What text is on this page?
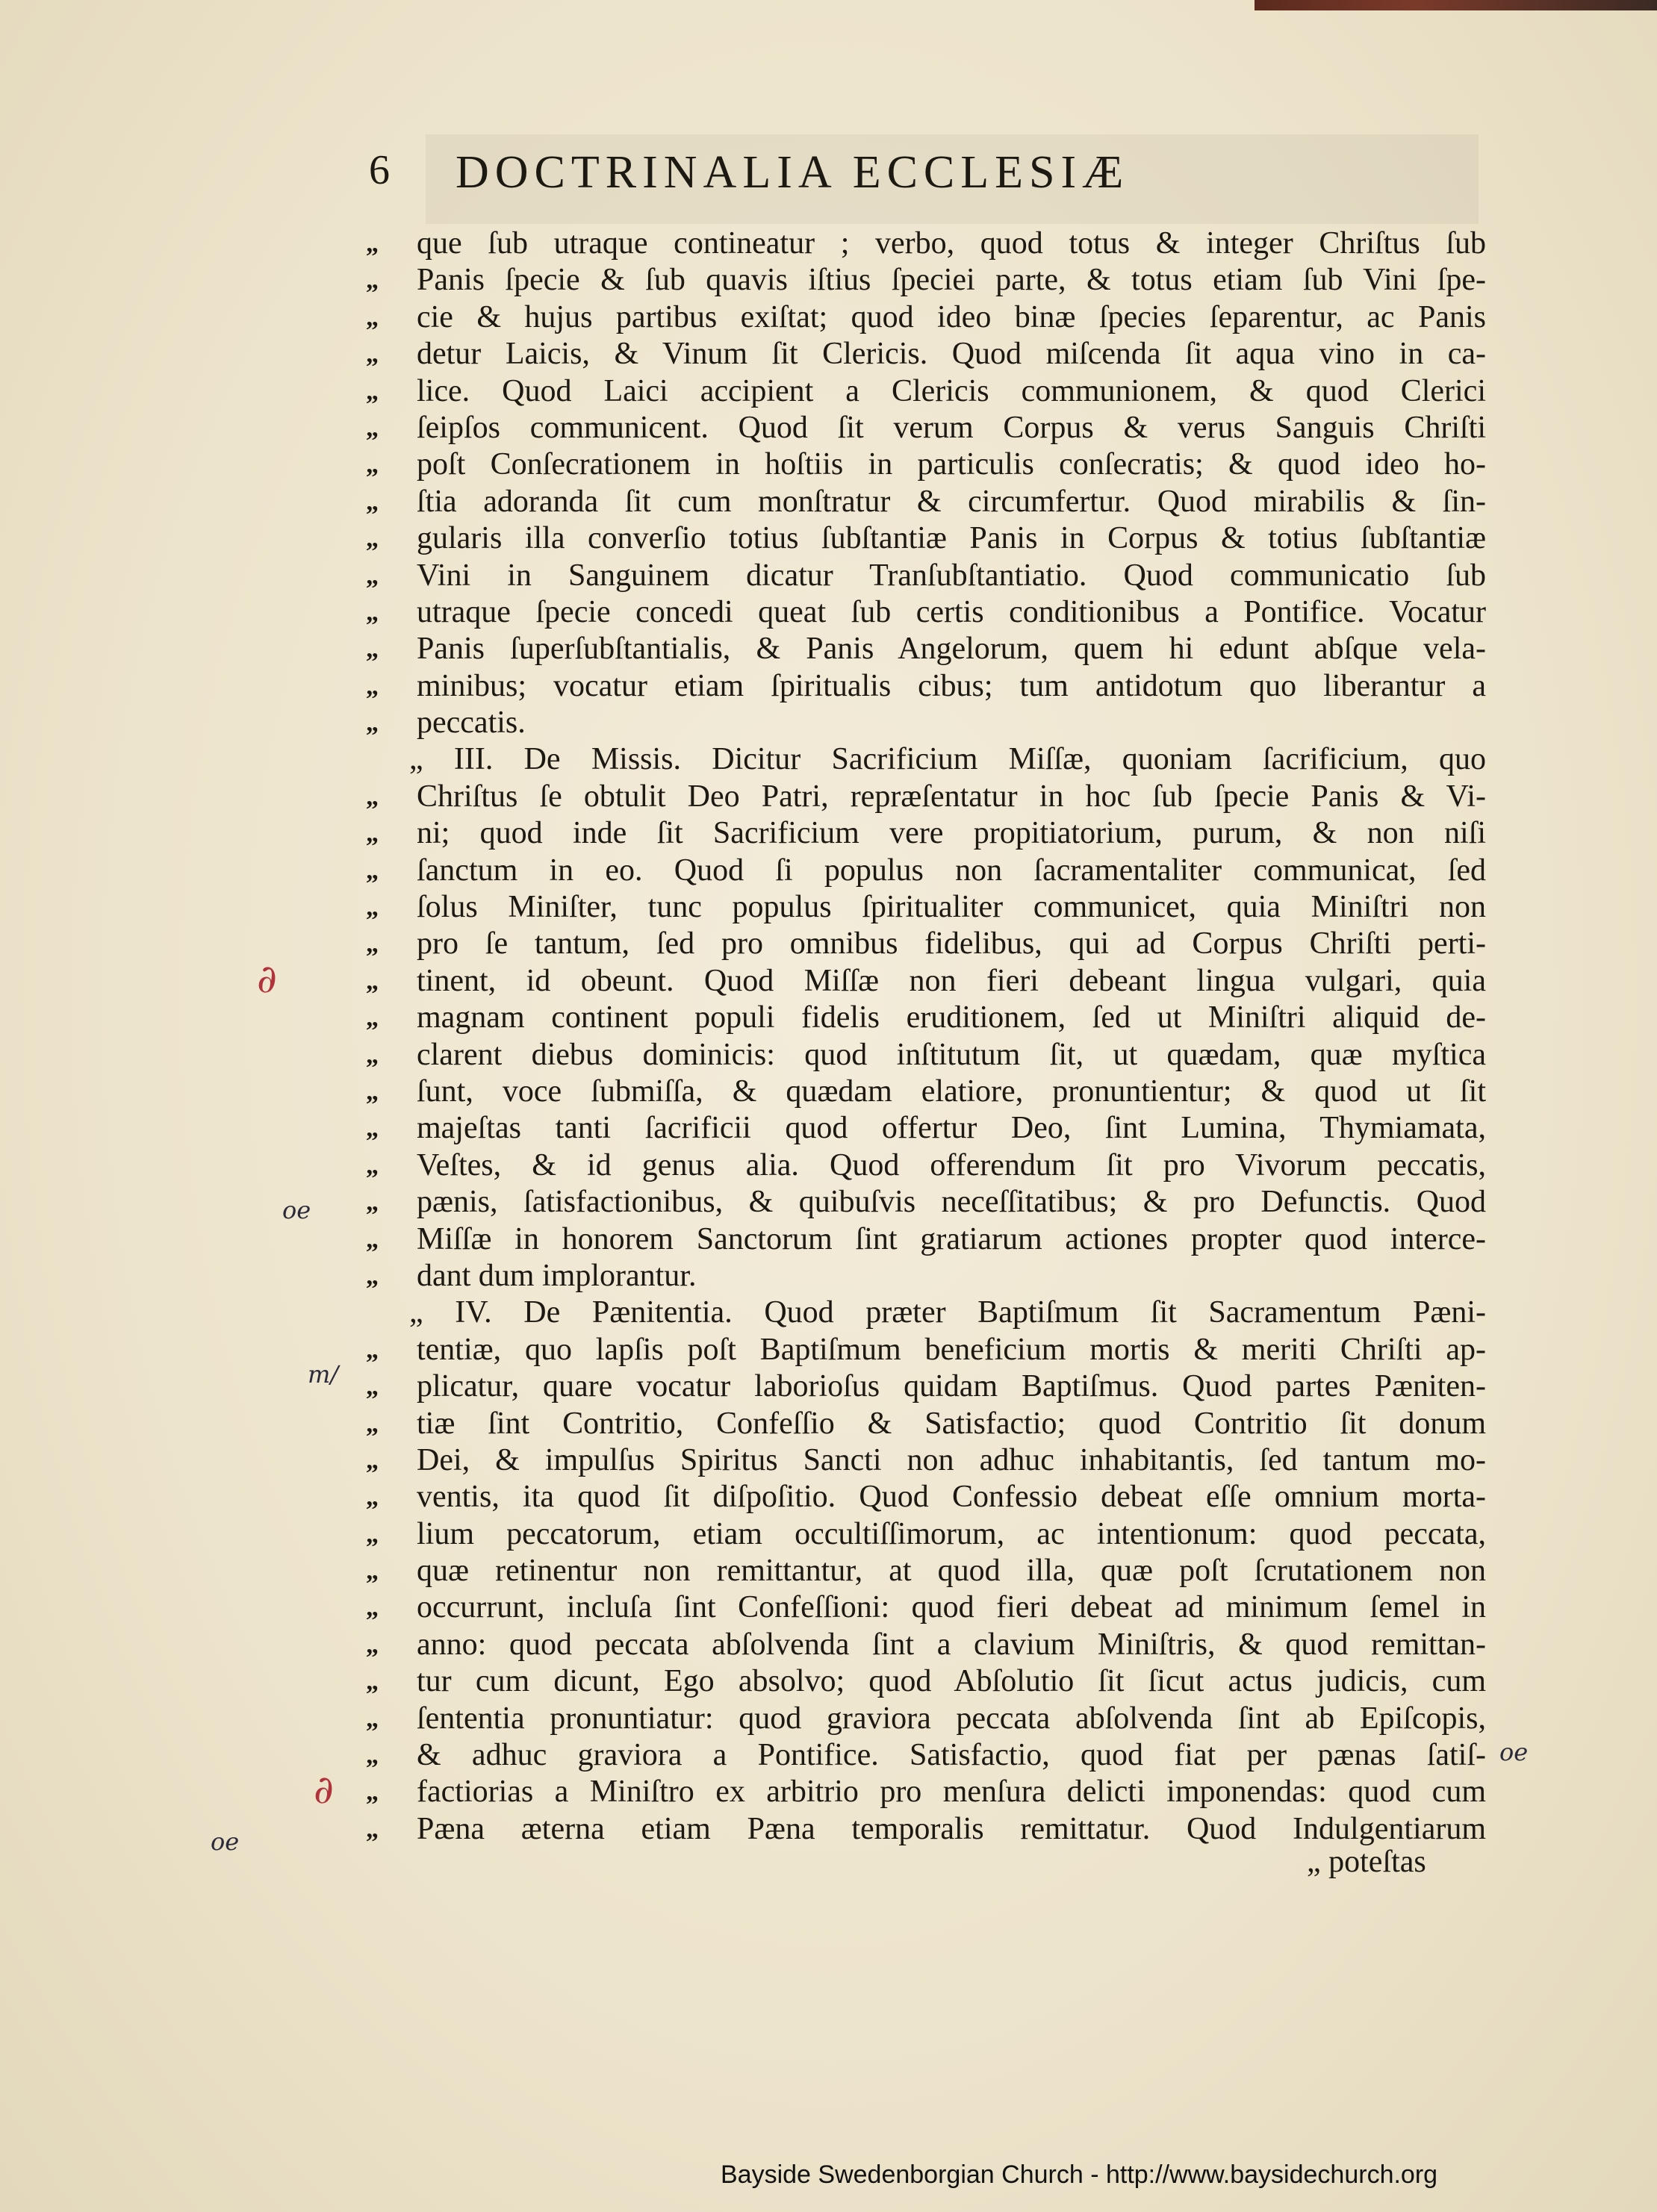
6 DOCTRINALIA ECCLESIÆ
„	que ſub utraque contineatur ; verbo, quod totus & integer Chriſtus ſub
„	Panis ſpecie & ſub quavis iſtius ſpeciei parte, & totus etiam ſub Vini ſpe-
„	cie & hujus partibus exiſtat; quod ideo binæ ſpecies ſeparentur, ac Panis
„	detur Laicis, & Vinum ſit Clericis. Quod miſcenda ſit aqua vino in ca-
„	lice. Quod Laici accipient a Clericis communionem, & quod Clerici
„	ſeipſos communicent. Quod ſit verum Corpus & verus Sanguis Chriſti
„	poſt Conſecrationem in hoſtiis in particulis conſecratis; & quod ideo ho-
„	ſtia adoranda ſit cum monſtratur & circumfertur. Quod mirabilis & ſin-
„	gularis illa converſio totius ſubſtantiæ Panis in Corpus & totius ſubſtantiæ
„	Vini in Sanguinem dicatur Tranſubſtantiatio. Quod communicatio ſub
„	utraque ſpecie concedi queat ſub certis conditionibus a Pontifice. Vocatur
„	Panis ſuperſubſtantialis, & Panis Angelorum, quem hi edunt abſque vela-
„	minibus; vocatur etiam ſpiritualis cibus; tum antidotum quo liberantur a
„	peccatis.
„ III. De Missis. Dicitur Sacrificium Miſſæ, quoniam ſacrificium, quo
„	Chriſtus ſe obtulit Deo Patri, repræſentatur in hoc ſub ſpecie Panis & Vi-
„	ni; quod inde ſit Sacrificium vere propitiatorium, purum, & non niſi
„	ſanctum in eo. Quod ſi populus non ſacramentaliter communicat, ſed
„	ſolus Miniſter, tunc populus ſpiritualiter communicet, quia Miniſtri non
„	pro ſe tantum, ſed pro omnibus fidelibus, qui ad Corpus Chriſti perti-
„	tinent, id obeunt. Quod Miſſæ non fieri debeant lingua vulgari, quia
„	magnam continent populi fidelis eruditionem, ſed ut Miniſtri aliquid de-
„	clarent diebus dominicis: quod inſtitutum ſit, ut quædam, quæ myſtica
„	ſunt, voce ſubmiſſa, & quædam elatiore, pronuntientur; & quod ut ſit
„	majeſtas tanti ſacrificii quod offertur Deo, ſint Lumina, Thymiamata,
„	Veſtes, & id genus alia. Quod offerendum ſit pro Vivorum peccatis,
„	pænis, ſatisfactionibus, & quibuſvis neceſſitatibus; & pro Defunctis. Quod
„	Miſſæ in honorem Sanctorum ſint gratiarum actiones propter quod interce-
„	dant dum implorantur.
„ IV. De Pænitentia. Quod præter Baptiſmum ſit Sacramentum Pæni-
„	tentiæ, quo lapſis poſt Baptiſmum beneficium mortis & meriti Chriſti ap-
„	plicatur, quare vocatur laborioſus quidam Baptiſmus. Quod partes Pæniten-
„	tiæ ſint Contritio, Confeſſio & Satisfactio; quod Contritio ſit donum
„	Dei, & impulſus Spiritus Sancti non adhuc inhabitantis, ſed tantum mo-
„	ventis, ita quod ſit diſpoſitio. Quod Confessio debeat eſſe omnium morta-
„	lium peccatorum, etiam occultiſſimorum, ac intentionum: quod peccata,
„	quæ retinentur non remittantur, at quod illa, quæ poſt ſcrutationem non
„	occurrunt, incluſa ſint Confeſſioni: quod fieri debeat ad minimum ſemel in
„	anno: quod peccata abſolvenda ſint a clavium Miniſtris, & quod remittan-
„	tur cum dicunt, Ego absolvo; quod Abſolutio ſit ſicut actus judicis, cum
„	ſententia pronuntiatur: quod graviora peccata abſolvenda ſint ab Epiſcopis,
„	& adhuc graviora a Pontifice. Satisfactio, quod fiat per pænas ſatiſ-
„	factiorias a Miniſtro ex arbitrio pro menſura delicti imponendas: quod cum
„	Pæna æterna etiam Pæna temporalis remittatur. Quod Indulgentiarum
„ poteſtas
oe
m/
oe
oe
∂
∂
Bayside Swedenborgian Church - http://www.baysidechurch.org
